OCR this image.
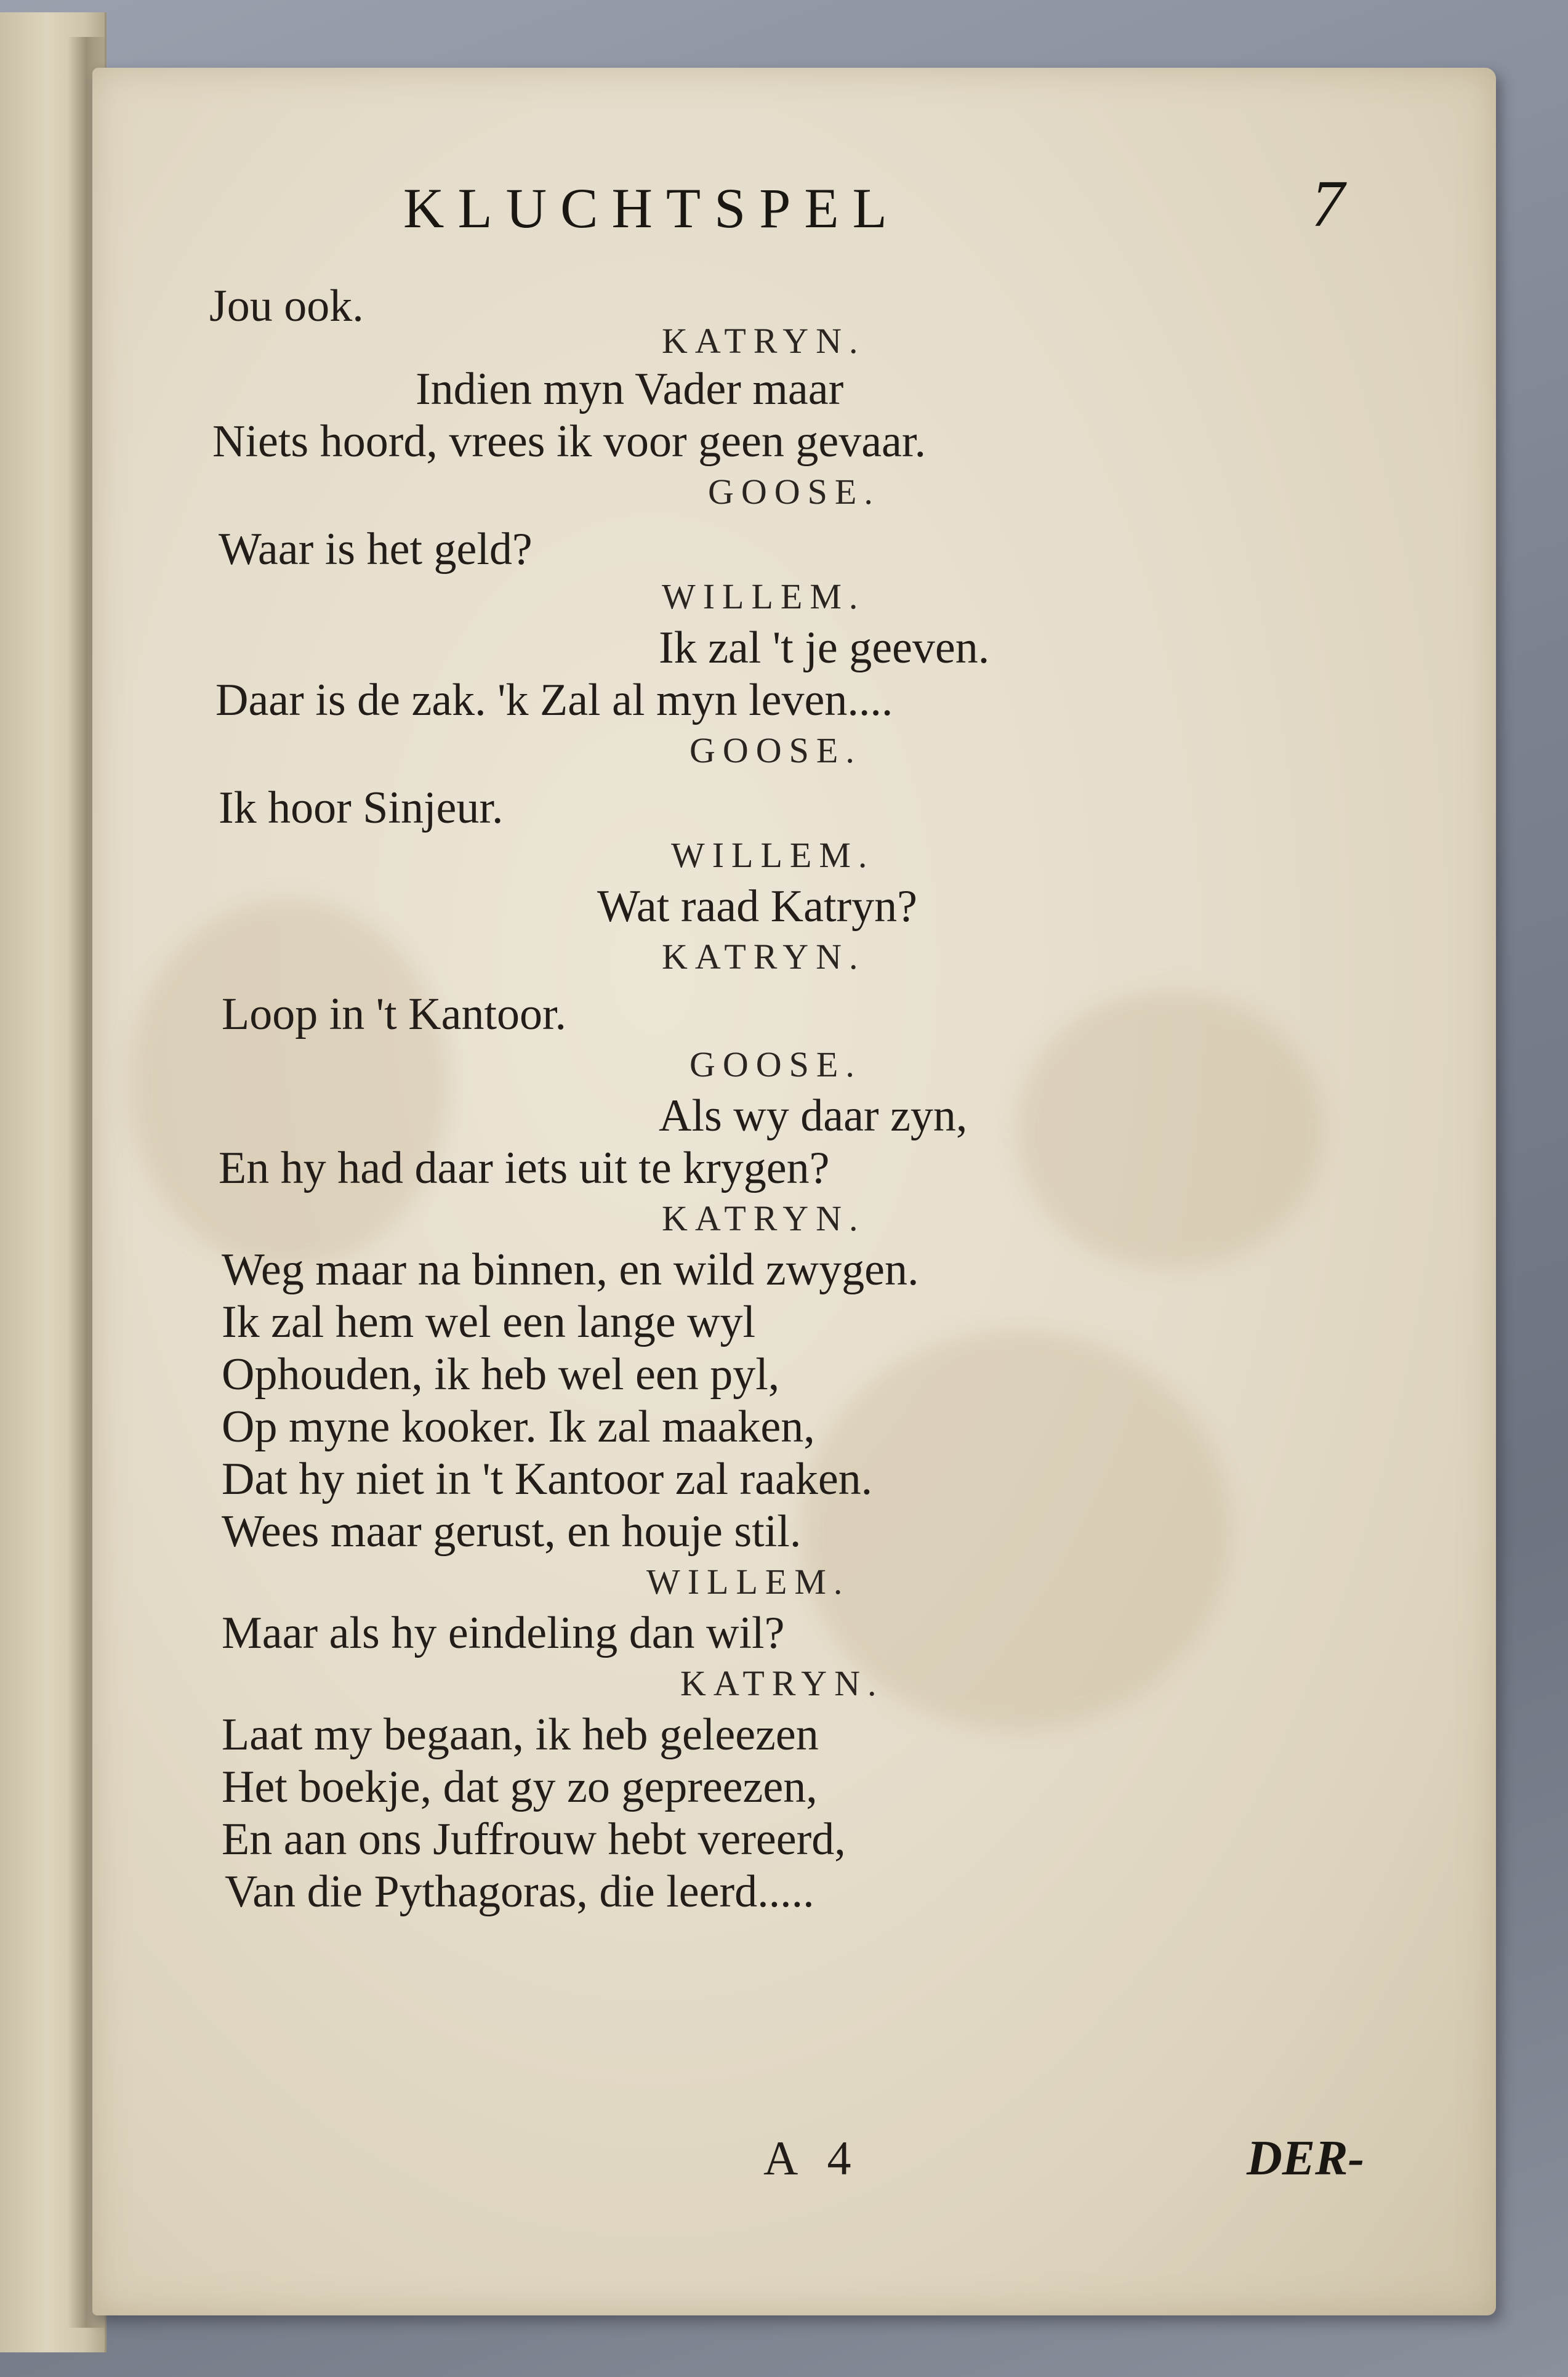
KLUCHTSPEL	7
Jou ook.
KATRYN.
Indien myn Vader maar
Niets hoord, vrees ik voor geen gevaar.
GOOSE.
Waar is het geld?
WILLEM.
Ik zal 't je geeven.
Daar is de zak. 'k Zal al myn leven....
GOOSE.
Ik hoor Sinjeur.
WILLEM.
Wat raad Katryn?
KATRYN.
Loop in 't Kantoor.
GOOSE.
Als wy daar zyn,
En hy had daar iets uit te krygen?
KATRYN.
Weg maar na binnen, en wild zwygen.
Ik zal hem wel een lange wyl
Ophouden, ik heb wel een pyl,
Op myne kooker. Ik zal maaken,
Dat hy niet in 't Kantoor zal raaken.
Wees maar gerust, en houje stil.
WILLEM.
Maar als hy eindeling dan wil?
KATRYN.
Laat my begaan, ik heb geleezen
Het boekje, dat gy zo gepreezen,
En aan ons Juffrouw hebt vereerd,
Van die Pythagoras, die leerd.....
A 4	DER-
